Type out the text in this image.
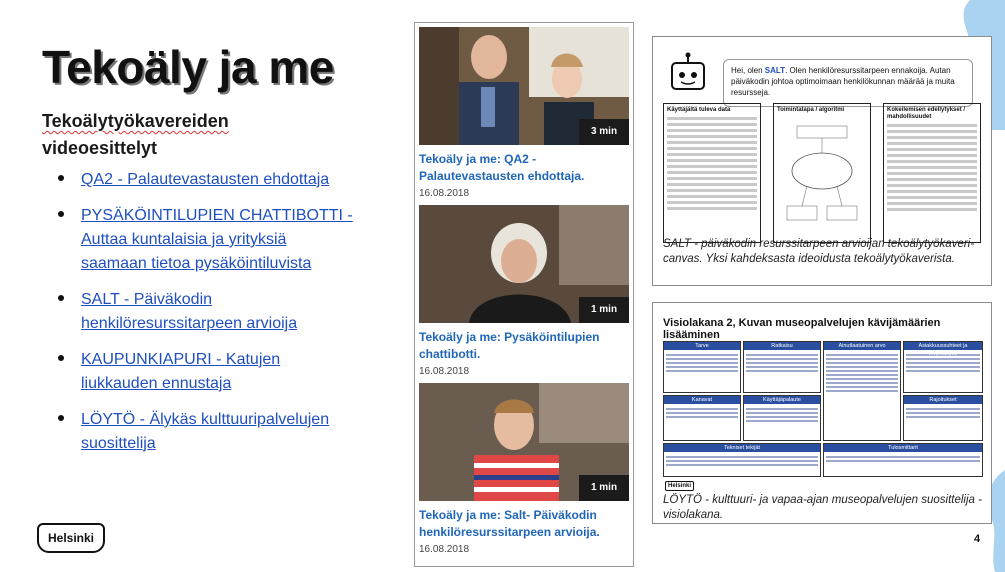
Tekoäly ja me
Tekoälytyökavereiden
videoesittelyt
QA2 - Palautevastausten ehdottaja
PYSÄKÖINTILUPIEN CHATTIBOTTI - Auttaa kuntalaisia ja yrityksiä saamaan tietoa pysäköintiluvista
SALT - Päiväkodin henkilöresurssitarpeen arvioija
KAUPUNKIAPURI - Katujen liukkauden ennustaja
LÖYTÖ - Älykäs kulttuuripalvelujen suosittelija
Helsinki
3 min
Tekoäly ja me: QA2 - Palautevastausten ehdottaja.
16.08.2018
1 min
Tekoäly ja me: Pysäköintilupien chattibotti.
16.08.2018
1 min
Tekoäly ja me: Salt- Päiväkodin henkilöresurssitarpeen arvioija.
16.08.2018
Hei, olen SALT. Olen henkilöresurssitarpeen ennakoija. Autan päiväkodin johtoa optimoimaan henkilökunnan määrää ja muita resursseja.
Käyttäjältä tuleva data	Toimintatapa / algoritmi	Kokeilemisen edellytykset / mahdollisuudet
SALT - päiväkodin resurssitarpeen arvioijan tekoälytyökaveri-canvas. Yksi kahdeksasta ideoidusta tekoälytyökaverista.
Visiolakana 2, Kuvan museopalvelujen kävijämäärien lisääminen
Tarve	Ratkaisu	Ainutlaatuinen arvo	Asiakkuussuhteet ja levyntäkyky
Kanavat	Käyttäjäpalaute	Rajoitukset
Tekniset tekijät	Tulosmittarit
Helsinki
LÖYTÖ - kulttuuri- ja vapaa-ajan museopalvelujen suosittelija - visiolakana.
4
